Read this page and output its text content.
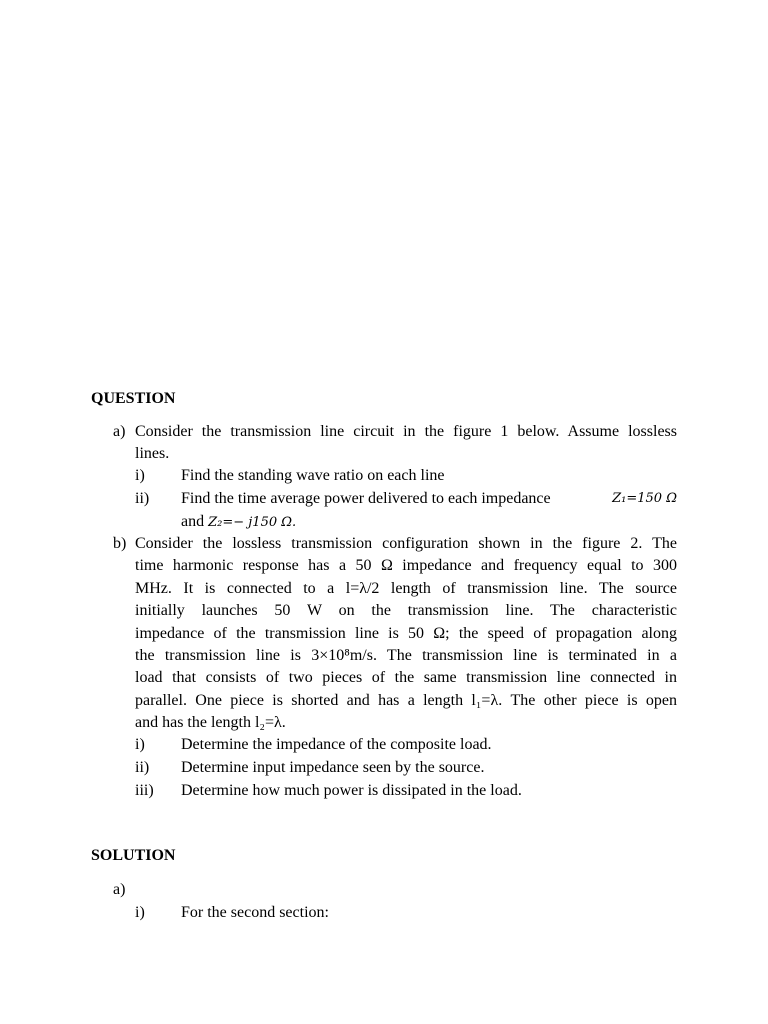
QUESTION
a) Consider the transmission line circuit in the figure 1 below. Assume lossless
lines.
i) Find the standing wave ratio on each line
ii) Find the time average power delivered to each impedance	Z₁=150 Ω
and Z₂=− j150 Ω.
b) Consider the lossless transmission configuration shown in the figure 2. The
time harmonic response has a 50 Ω impedance and frequency equal to 300
MHz. It is connected to a l=λ/2 length of transmission line. The source
initially launches 50 W on the transmission line. The characteristic
impedance of the transmission line is 50 Ω; the speed of propagation along
the transmission line is 3×10⁸m/s. The transmission line is terminated in a
load that consists of two pieces of the same transmission line connected in
parallel. One piece is shorted and has a length l₁=λ. The other piece is open
and has the length l₂=λ.
i) Determine the impedance of the composite load.
ii) Determine input impedance seen by the source.
iii) Determine how much power is dissipated in the load.
SOLUTION
a)
i) For the second section:
